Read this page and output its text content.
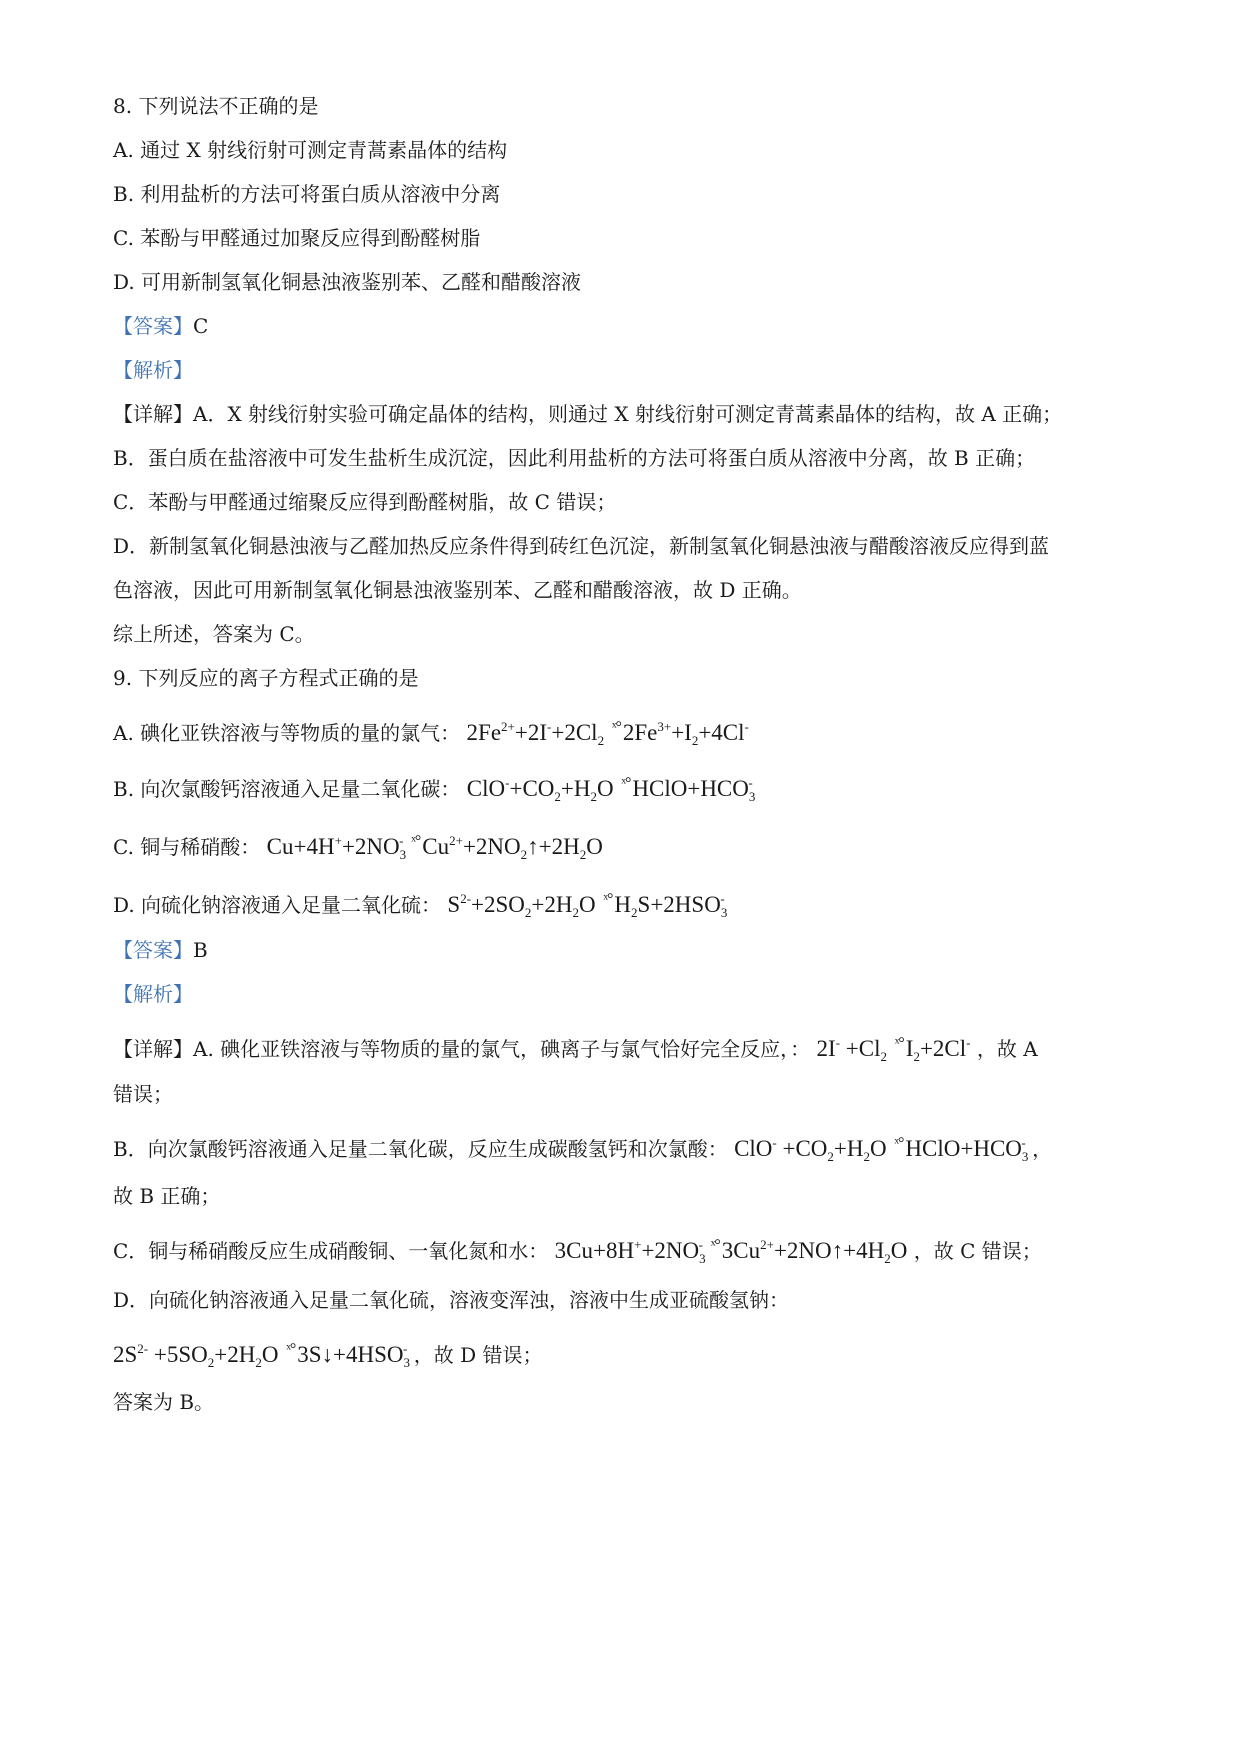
8. 下列说法不正确的是
A. 通过 X 射线衍射可测定青蒿素晶体的结构
B. 利用盐析的方法可将蛋白质从溶液中分离
C. 苯酚与甲醛通过加聚反应得到酚醛树脂
D. 可用新制氢氧化铜悬浊液鉴别苯、乙醛和醋酸溶液
【答案】C
【解析】
【详解】A．X 射线衍射实验可确定晶体的结构，则通过 X 射线衍射可测定青蒿素晶体的结构，故 A 正确；
B．蛋白质在盐溶液中可发生盐析生成沉淀，因此利用盐析的方法可将蛋白质从溶液中分离，故 B 正确；
C．苯酚与甲醛通过缩聚反应得到酚醛树脂，故 C 错误；
D．新制氢氧化铜悬浊液与乙醛加热反应条件得到砖红色沉淀，新制氢氧化铜悬浊液与醋酸溶液反应得到蓝
色溶液，因此可用新制氢氧化铜悬浊液鉴别苯、乙醛和醋酸溶液，故 D 正确。
综上所述，答案为 C。
9. 下列反应的离子方程式正确的是
A. 碘化亚铁溶液与等物质的量的氯气： $2Fe^{2+}+2I^-+2Cl_2$ $ˣ^\circ 2Fe^{3+}+I_2+4Cl^-$
B. 向次氯酸钙溶液通入足量二氧化碳： $ClO^-+CO_2+H_2O$ $ˣ^\circ HClO+HCO_3^-$
C. 铜与稀硝酸： $Cu+4H^++2NO_3^-$ $ˣ^\circ Cu^{2+}+2NO_2↑+2H_2O$
D. 向硫化钠溶液通入足量二氧化硫： $S^{2-}+2SO_2+2H_2O$ $ˣ^\circ H_2S+2HSO_3^-$
【答案】B
【解析】
【详解】A. 碘化亚铁溶液与等物质的量的氯气，碘离子与氯气恰好完全反应，： $2I^- +Cl_2$ $ˣ^\circ I_2+2Cl^-$ ，故 A
错误；
B．向次氯酸钙溶液通入足量二氧化碳，反应生成碳酸氢钙和次氯酸： $ClO^- +CO_2+H_2O$ $ˣ^\circ HClO+HCO_3^-$ ，
故 B 正确；
C．铜与稀硝酸反应生成硝酸铜、一氧化氮和水： $3Cu+8H^++2NO_3^-$ $ˣ^\circ 3Cu^{2+}+2NO↑+4H_2O$ ，故 C 错误；
D．向硫化钠溶液通入足量二氧化硫，溶液变浑浊，溶液中生成亚硫酸氢钠：
$2S^{2-} +5SO_2+2H_2O$ $ˣ^\circ 3S↓+4HSO_3^-$ ，故 D 错误；
答案为 B。
